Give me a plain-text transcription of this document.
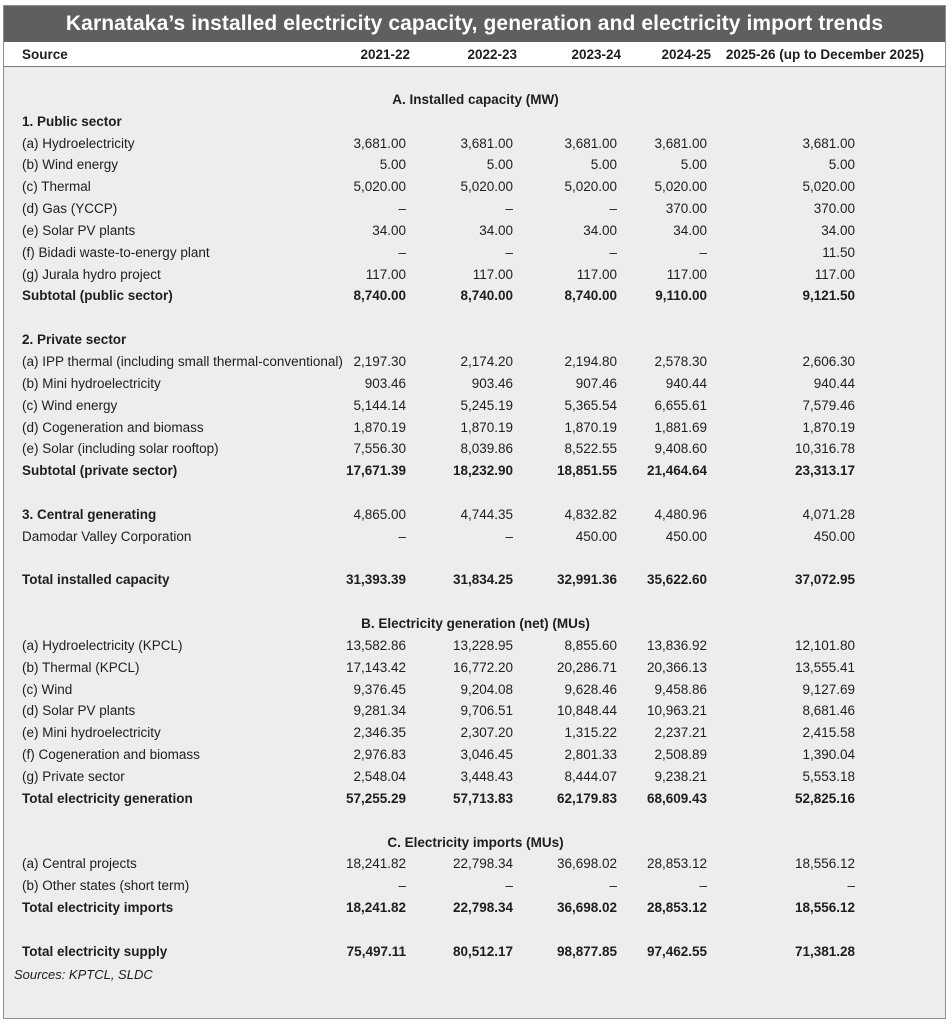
Karnataka’s installed electricity capacity, generation and electricity import trends
Source	2021-22	2022-23	2023-24	2024-25 2025-26 (up to December 2025)
A. Installed capacity (MW)
1. Public sector
(a) Hydroelectricity	3,681.00	3,681.00	3,681.00	3,681.00	3,681.00
(b) Wind energy	5.00	5.00	5.00	5.00	5.00
(c) Thermal	5,020.00	5,020.00	5,020.00	5,020.00	5,020.00
(d) Gas (YCCP)	–	–	–	370.00	370.00
(e) Solar PV plants	34.00	34.00	34.00	34.00	34.00
(f) Bidadi waste-to-energy plant	–	–	–	–	11.50
(g) Jurala hydro project	117.00	117.00	117.00	117.00	117.00
Subtotal (public sector)	8,740.00	8,740.00	8,740.00	9,110.00	9,121.50
2. Private sector
(a) IPP thermal (including small thermal-conventional) 2,197.30	2,174.20	2,194.80	2,578.30	2,606.30
(b) Mini hydroelectricity	903.46	903.46	907.46	940.44	940.44
(c) Wind energy	5,144.14	5,245.19	5,365.54	6,655.61	7,579.46
(d) Cogeneration and biomass	1,870.19	1,870.19	1,870.19	1,881.69	1,870.19
(e) Solar (including solar rooftop)	7,556.30	8,039.86	8,522.55	9,408.60	10,316.78
Subtotal (private sector)	17,671.39	18,232.90	18,851.55 21,464.64	23,313.17
3. Central generating	4,865.00	4,744.35	4,832.82	4,480.96	4,071.28
Damodar Valley Corporation	–	–	450.00	450.00	450.00
Total installed capacity	31,393.39	31,834.25	32,991.36 35,622.60	37,072.95
B. Electricity generation (net) (MUs)
(a) Hydroelectricity (KPCL)	13,582.86	13,228.95	8,855.60 13,836.92	12,101.80
(b) Thermal (KPCL)	17,143.42	16,772.20	20,286.71 20,366.13	13,555.41
(c) Wind	9,376.45	9,204.08	9,628.46	9,458.86	9,127.69
(d) Solar PV plants	9,281.34	9,706.51	10,848.44 10,963.21	8,681.46
(e) Mini hydroelectricity	2,346.35	2,307.20	1,315.22	2,237.21	2,415.58
(f) Cogeneration and biomass	2,976.83	3,046.45	2,801.33	2,508.89	1,390.04
(g) Private sector	2,548.04	3,448.43	8,444.07	9,238.21	5,553.18
Total electricity generation	57,255.29	57,713.83	62,179.83 68,609.43	52,825.16
C. Electricity imports (MUs)
(a) Central projects	18,241.82	22,798.34	36,698.02 28,853.12	18,556.12
(b) Other states (short term)	–	–	–	–	–
Total electricity imports	18,241.82	22,798.34	36,698.02 28,853.12	18,556.12
Total electricity supply	75,497.11	80,512.17	98,877.85 97,462.55	71,381.28
Sources: KPTCL, SLDC
